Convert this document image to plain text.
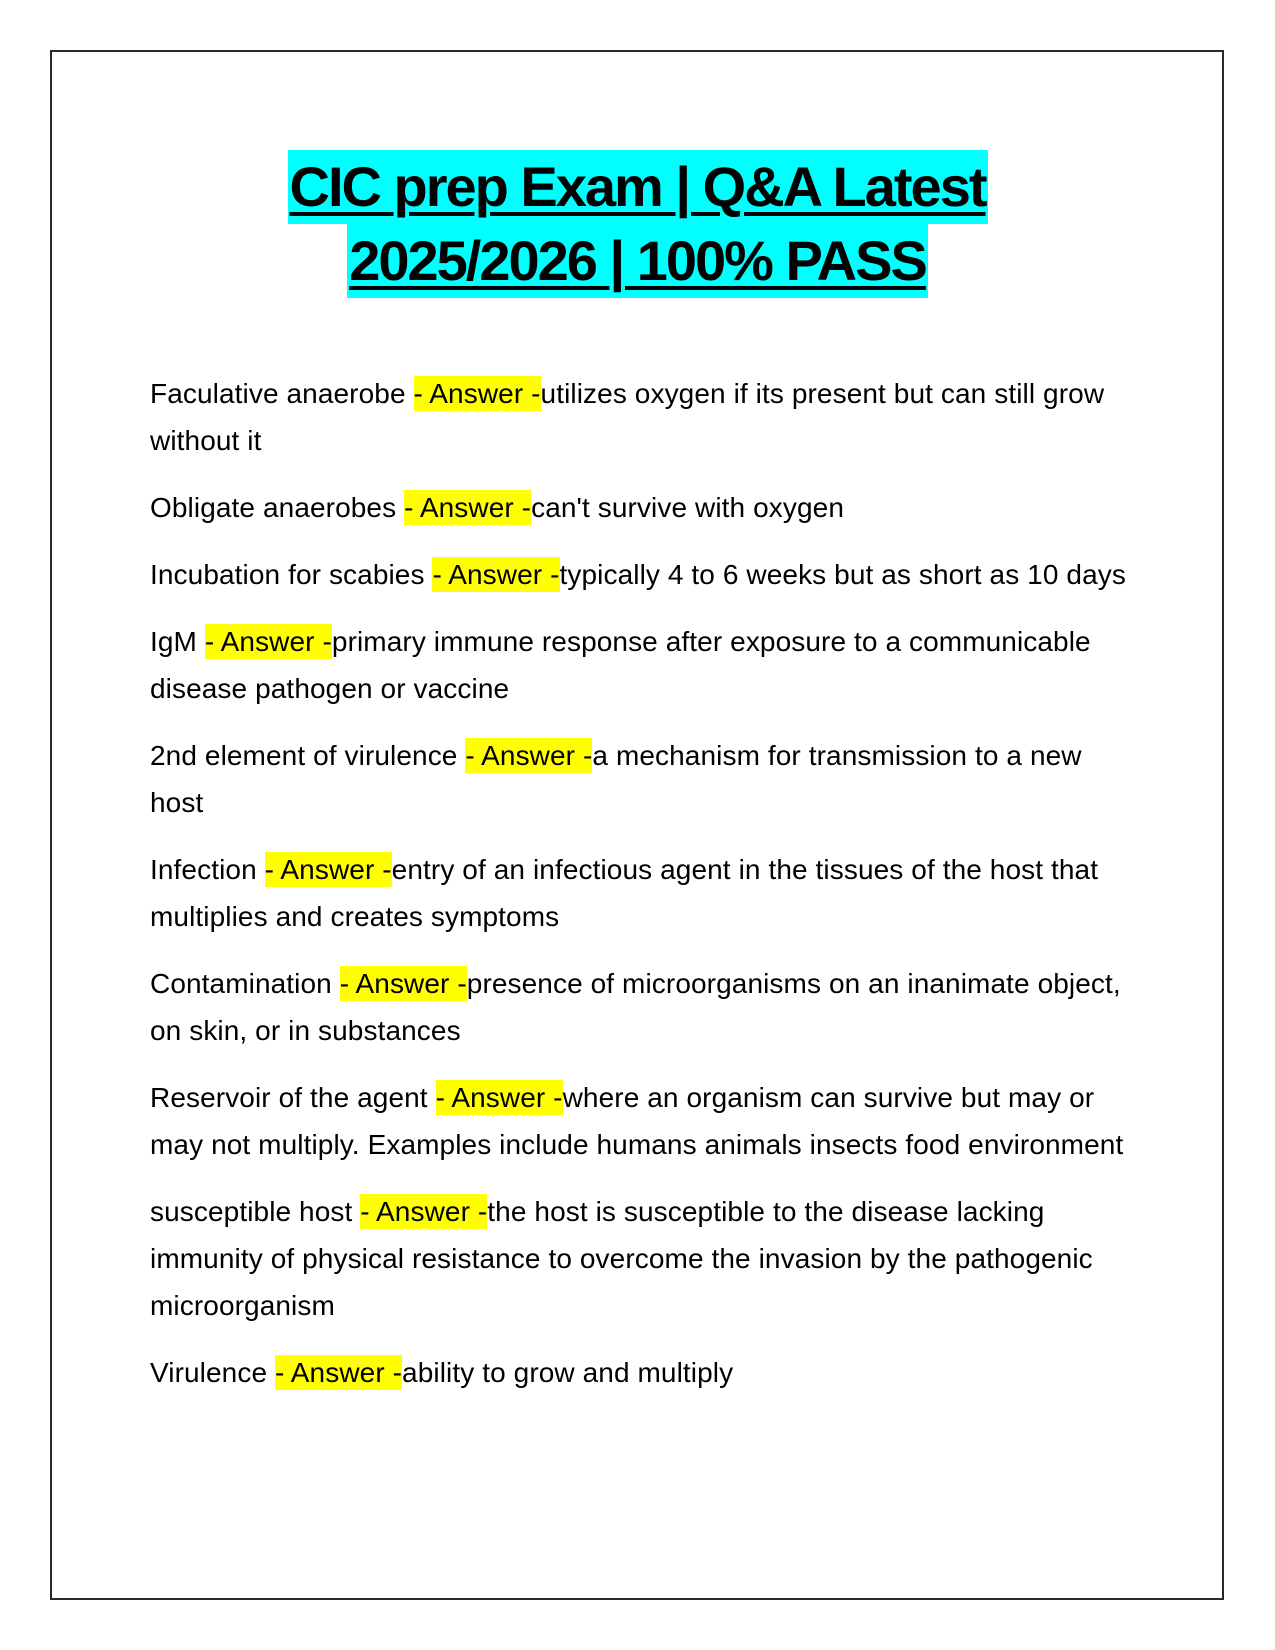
CIC prep Exam | Q&A Latest
2025/2026 | 100% PASS

Faculative anaerobe - Answer -utilizes oxygen if its present but can still grow without it

Obligate anaerobes - Answer -can't survive with oxygen

Incubation for scabies - Answer -typically 4 to 6 weeks but as short as 10 days

IgM - Answer -primary immune response after exposure to a communicable disease pathogen or vaccine

2nd element of virulence - Answer -a mechanism for transmission to a new host

Infection - Answer -entry of an infectious agent in the tissues of the host that multiplies and creates symptoms

Contamination - Answer -presence of microorganisms on an inanimate object, on skin, or in substances

Reservoir of the agent - Answer -where an organism can survive but may or may not multiply. Examples include humans animals insects food environment

susceptible host - Answer -the host is susceptible to the disease lacking immunity of physical resistance to overcome the invasion by the pathogenic microorganism

Virulence - Answer -ability to grow and multiply
